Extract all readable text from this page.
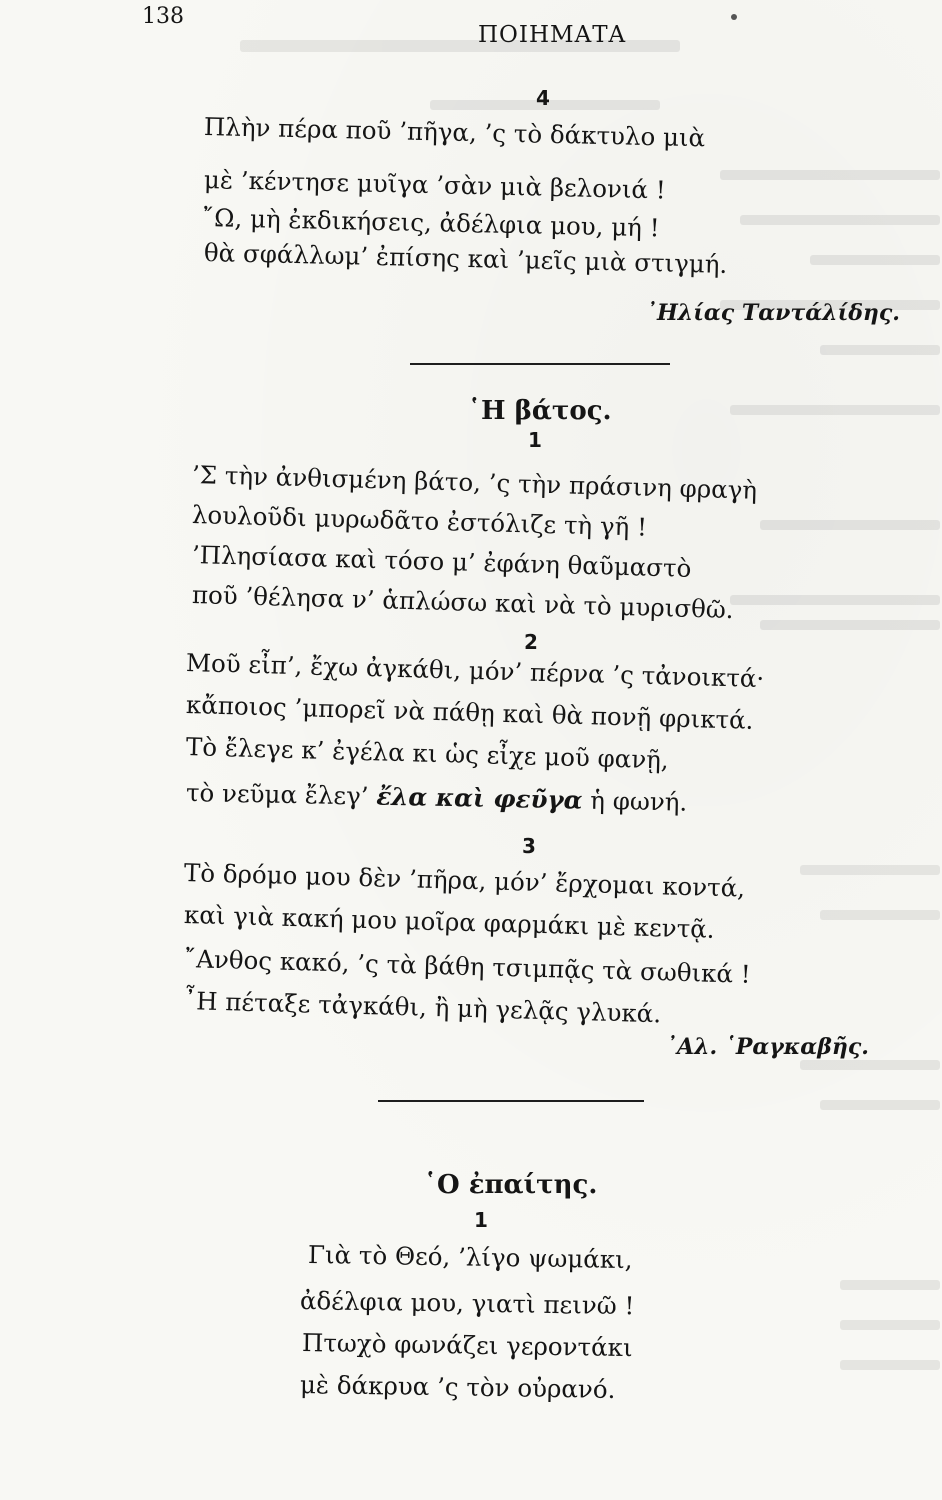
138
ΠΟΙΗΜΑΤΑ
4
Πλὴν πέρα ποῦ ’πῆγα, ’ς τὸ δάκτυλο μιὰ
μὲ ’κέντησε μυῖγα ’σὰν μιὰ βελονιά !
῎Ω, μὴ ἐκδικήσεις, ἀδέλφια μου, μή !
θὰ σφάλλωμ’ ἐπίσης καὶ ’μεῖς μιὰ στιγμή.
᾿Ηλίας Ταντάλίδης.
῾Η βάτος.
1
’Σ τὴν ἀνθισμένη βάτο, ’ς τὴν πράσινη φραγὴ
λουλοῦδι μυρωδᾶτο ἐστόλιζε τὴ γῆ !
’Πλησίασα καὶ τόσο μ’ ἐφάνη θαῦμαστὸ
ποῦ ’θέλησα ν’ ἁπλώσω καὶ νὰ τὸ μυρισθῶ.
2
Μοῦ εἶπ’, ἔχω ἀγκάθι, μόν’ πέρνα ’ς τἀνοικτά·
κἄποιος ’μπορεῖ νὰ πάθῃ καὶ θὰ πονῇ φρικτά.
Τὸ ἔλεγε κ’ ἐγέλα κι ὡς εἶχε μοῦ φανῇ,
τὸ νεῦμα ἔλεγ’ ἔλα καὶ φεῦγα ἡ φωνή.
3
Τὸ δρόμο μου δὲν ’πῆρα, μόν’ ἔρχομαι κοντά,
καὶ γιὰ κακή μου μοῖρα φαρμάκι μὲ κεντᾷ.
῎Ανθος κακό, ’ς τὰ βάθη τσιμπᾷς τὰ σωθικά !
῏Η πέταξε τἀγκάθι, ἢ μὴ γελᾷς γλυκά.
᾿Αλ. ῾Ραγκαβῆς.
῾Ο ἐπαίτης.
1
Γιὰ τὸ Θεό, ’λίγο ψωμάκι,
ἀδέλφια μου, γιατὶ πεινῶ !
Πτωχὸ φωνάζει γεροντάκι
μὲ δάκρυα ’ς τὸν οὐρανό.
